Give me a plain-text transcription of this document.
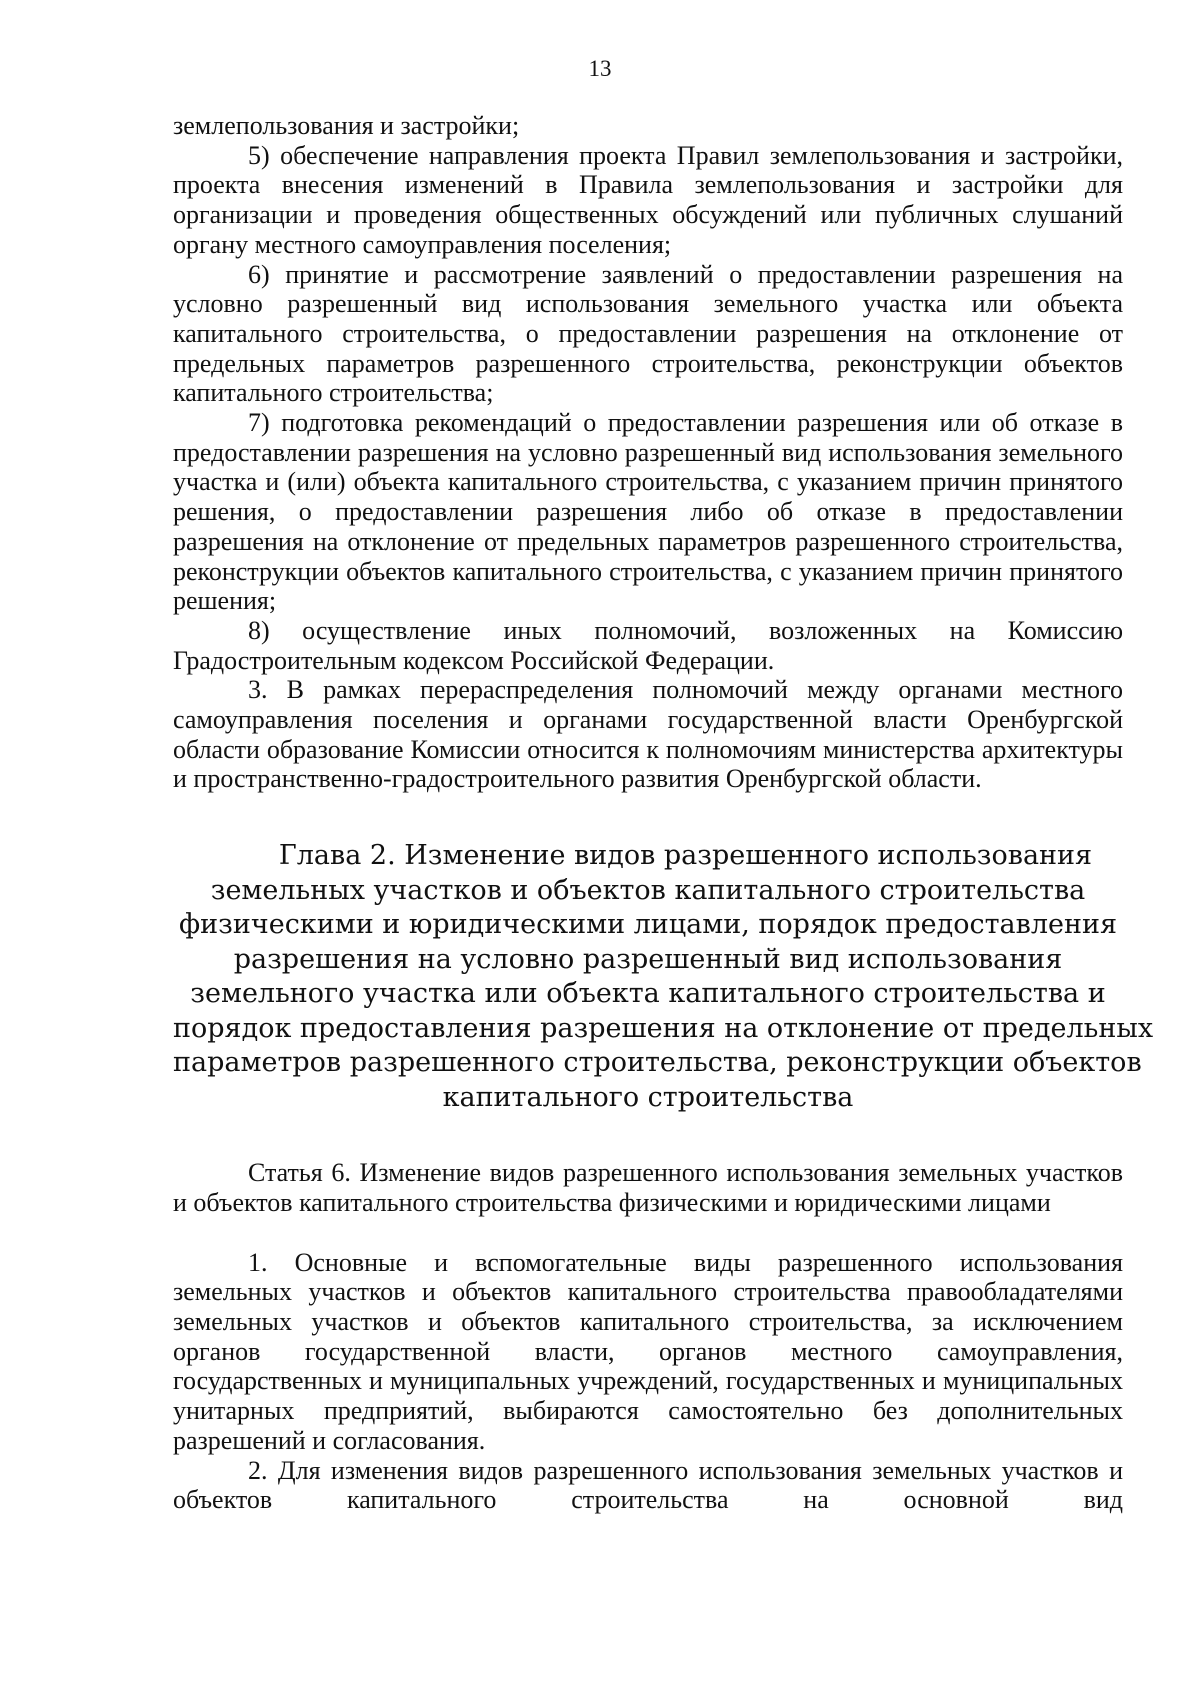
13

землепользования и застройки;

5) обеспечение направления проекта Правил землепользования и застройки, проекта внесения изменений в Правила землепользования и застройки для организации и проведения общественных обсуждений или публичных слушаний органу местного самоуправления поселения;

6) принятие и рассмотрение заявлений о предоставлении разрешения на условно разрешенный вид использования земельного участка или объекта капитального строительства, о предоставлении разрешения на отклонение от предельных параметров разрешенного строительства, реконструкции объектов капитального строительства;

7) подготовка рекомендаций о предоставлении разрешения или об отказе в предоставлении разрешения на условно разрешенный вид использования земельного участка и (или) объекта капитального строительства, с указанием причин принятого решения, о предоставлении разрешения либо об отказе в предоставлении разрешения на отклонение от предельных параметров разрешенного строительства, реконструкции объектов капитального строительства, с указанием причин принятого решения;

8) осуществление иных полномочий, возложенных на Комиссию Градостроительным кодексом Российской Федерации.

3. В рамках перераспределения полномочий между органами местного самоуправления поселения и органами государственной власти Оренбургской области образование Комиссии относится к полномочиям министерства архитектуры и пространственно-градостроительного развития Оренбургской области.

Глава 2. Изменение видов разрешенного использования
земельных участков и объектов капитального строительства
физическими и юридическими лицами, порядок предоставления
разрешения на условно разрешенный вид использования
земельного участка или объекта капитального строительства и
порядок предоставления разрешения на отклонение от предельных
параметров разрешенного строительства, реконструкции объектов
капитального строительства

Статья 6. Изменение видов разрешенного использования земельных участков и объектов капитального строительства физическими и юридическими лицами

1. Основные и вспомогательные виды разрешенного использования земельных участков и объектов капитального строительства правообладателями земельных участков и объектов капитального строительства, за исключением органов государственной власти, органов местного самоуправления, государственных и муниципальных учреждений, государственных и муниципальных унитарных предприятий, выбираются самостоятельно без дополнительных разрешений и согласования.

2. Для изменения видов разрешенного использования земельных участков и объектов капитального строительства на основной вид
